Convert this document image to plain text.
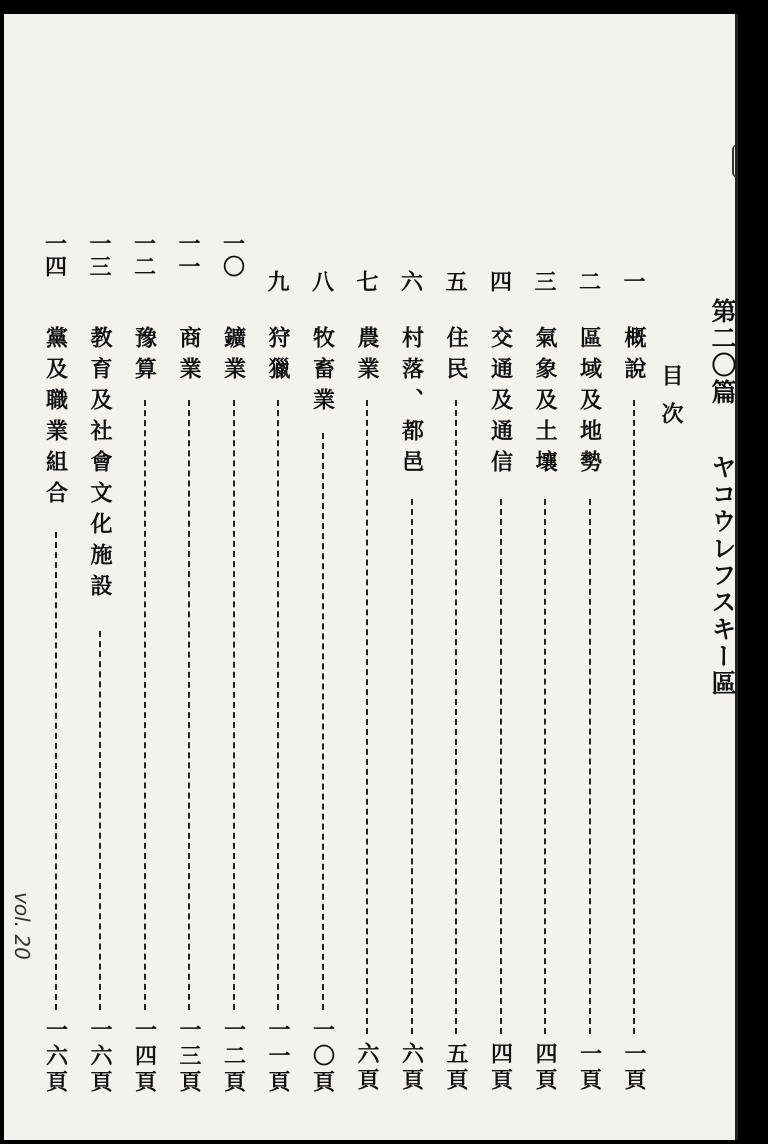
第二〇篇
ヤコウレフスキー區
目次
vol. 20
一
概說
一頁
二
區域及地勢
一頁
三
氣象及土壤
四頁
四
交通及通信
四頁
五
住民
五頁
六
村落、都邑
六頁
七
農業
六頁
八
牧畜業
一〇頁
九
狩獵
一一頁
一〇
鑛業
一二頁
一一
商業
一三頁
一二
豫算
一四頁
一三
教育及社會文化施設
一六頁
一四
黨及職業組合
一六頁
